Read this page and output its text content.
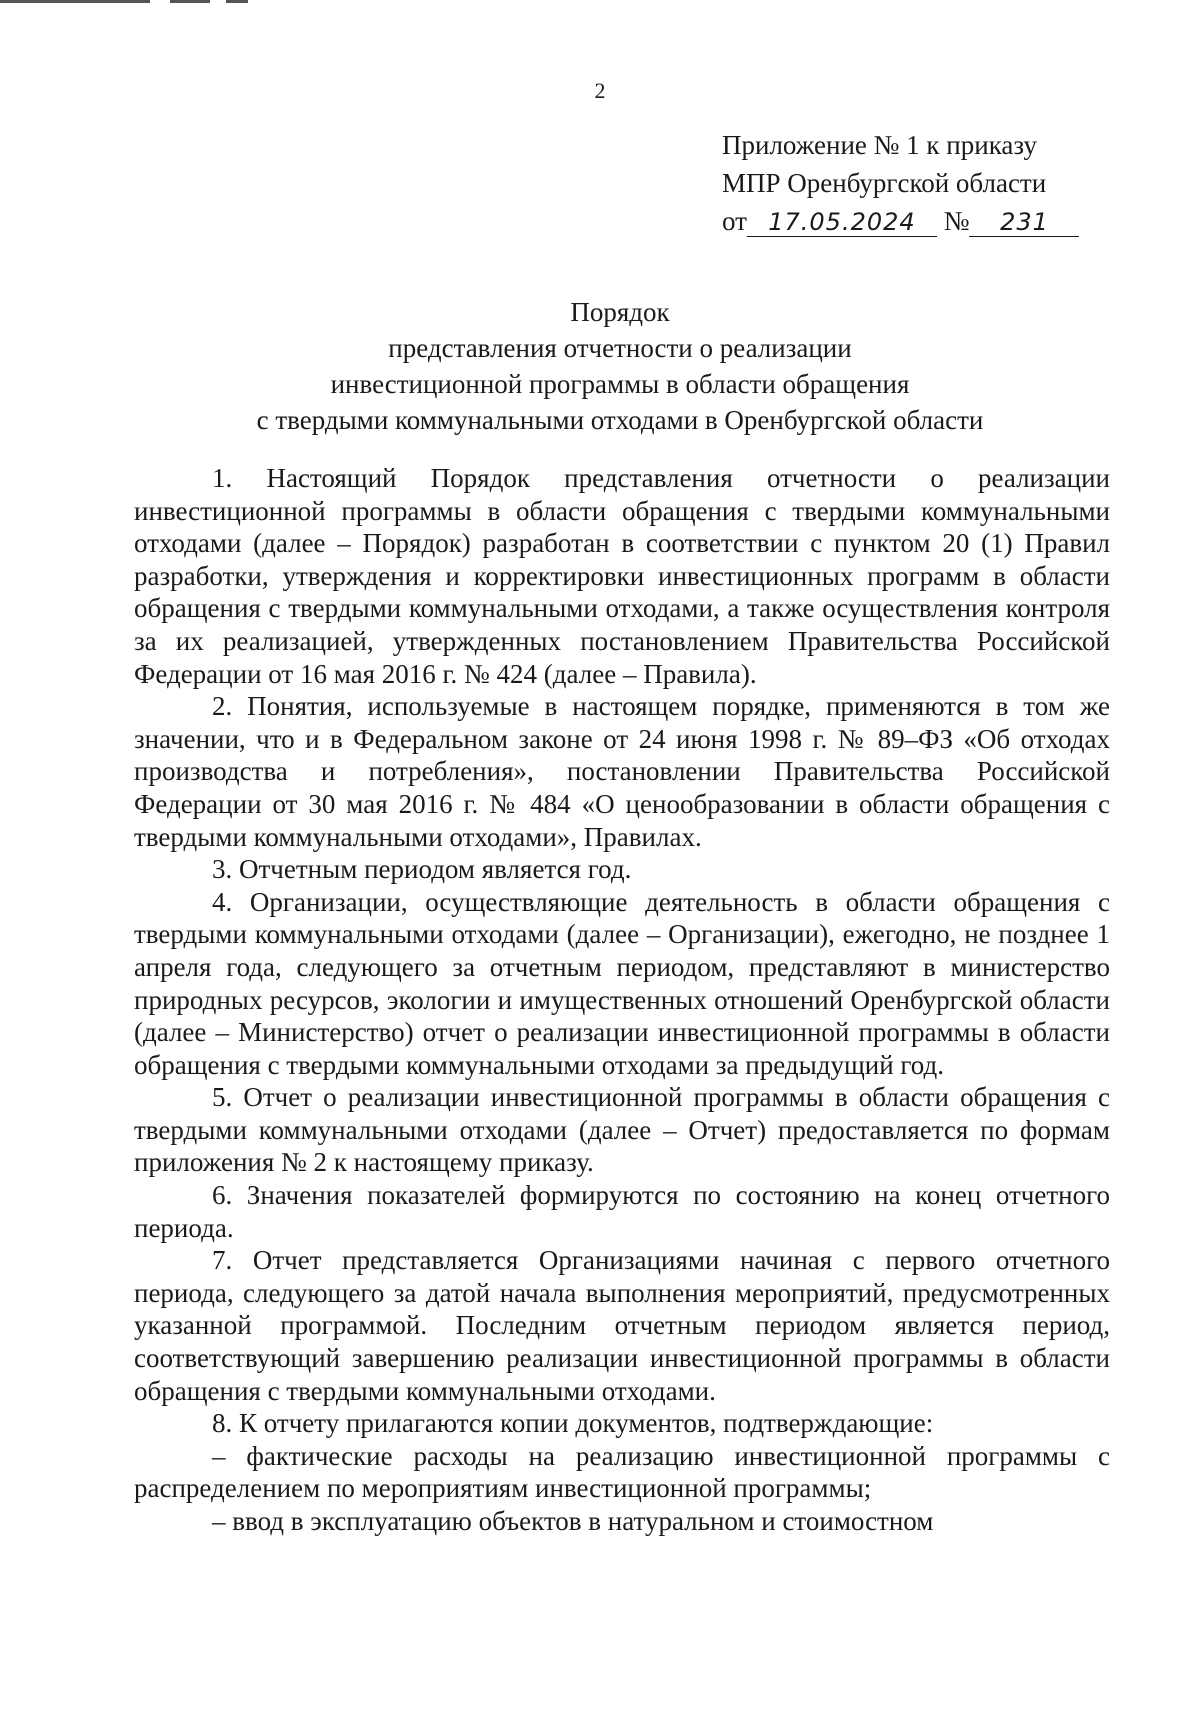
2
Приложение № 1 к приказу
МПР Оренбургской области
от 17.05.2024 № 231
Порядок
представления отчетности о реализации
инвестиционной программы в области обращения
с твердыми коммунальными отходами в Оренбургской области

1. Настоящий Порядок представления отчетности о реализации инвестиционной программы в области обращения с твердыми коммунальными отходами (далее – Порядок) разработан в соответствии с пунктом 20 (1) Правил разработки, утверждения и корректировки инвестиционных программ в области обращения с твердыми коммунальными отходами, а также осуществления контроля за их реализацией, утвержденных постановлением Правительства Российской Федерации от 16 мая 2016 г. № 424 (далее – Правила).

2. Понятия, используемые в настоящем порядке, применяются в том же значении, что и в Федеральном законе от 24 июня 1998 г. № 89–ФЗ «Об отходах производства и потребления», постановлении Правительства Российской Федерации от 30 мая 2016 г. № 484 «О ценообразовании в области обращения с твердыми коммунальными отходами», Правилах.

3. Отчетным периодом является год.

4. Организации, осуществляющие деятельность в области обращения с твердыми коммунальными отходами (далее – Организации), ежегодно, не позднее 1 апреля года, следующего за отчетным периодом, представляют в министерство природных ресурсов, экологии и имущественных отношений Оренбургской области (далее – Министерство) отчет о реализации инвестиционной программы в области обращения с твердыми коммунальными отходами за предыдущий год.

5. Отчет о реализации инвестиционной программы в области обращения с твердыми коммунальными отходами (далее – Отчет) предоставляется по формам приложения № 2 к настоящему приказу.

6. Значения показателей формируются по состоянию на конец отчетного периода.

7. Отчет представляется Организациями начиная с первого отчетного периода, следующего за датой начала выполнения мероприятий, предусмотренных указанной программой. Последним отчетным периодом является период, соответствующий завершению реализации инвестиционной программы в области обращения с твердыми коммунальными отходами.

8. К отчету прилагаются копии документов, подтверждающие:

– фактические расходы на реализацию инвестиционной программы с распределением по мероприятиям инвестиционной программы;

– ввод в эксплуатацию объектов в натуральном и стоимостном
